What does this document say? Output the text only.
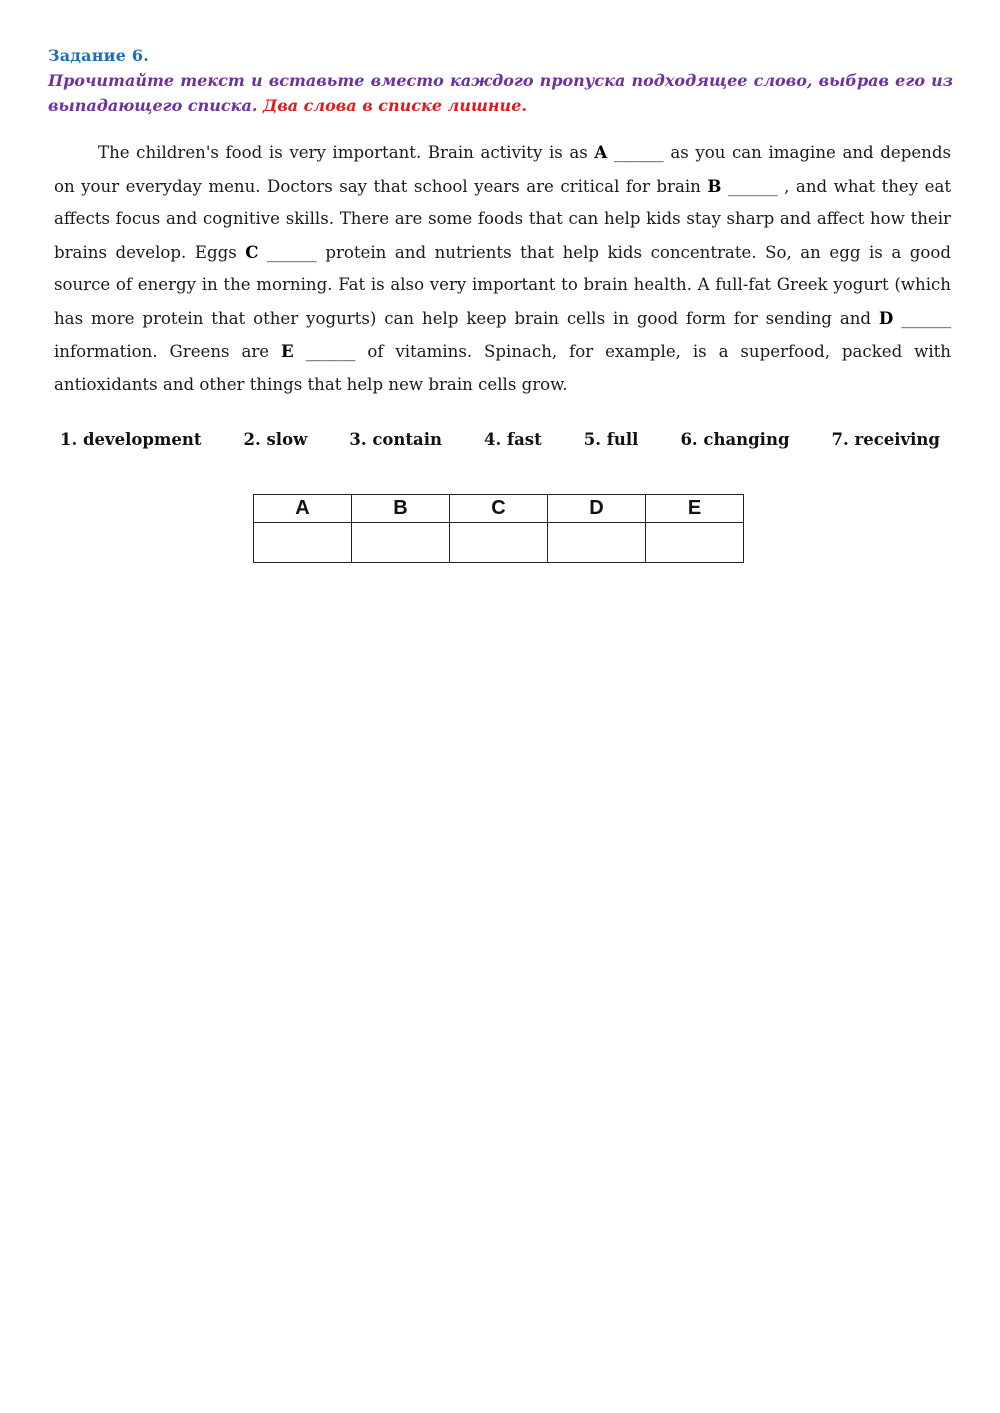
Задание 6.
Прочитайте текст и вставьте вместо каждого пропуска подходящее слово, выбрав его из выпадающего списка. Два слова в списке лишние.
The children's food is very important. Brain activity is as A ______ as you can imagine and depends on your everyday menu. Doctors say that school years are critical for brain B ______ , and what they eat affects focus and cognitive skills. There are some foods that can help kids stay sharp and affect how their brains develop. Eggs C ______ protein and nutrients that help kids concentrate. So, an egg is a good source of energy in the morning. Fat is also very important to brain health. A full-fat Greek yogurt (which has more protein that other yogurts) can help keep brain cells in good form for sending and D ______ information. Greens are E ______ of vitamins. Spinach, for example, is a superfood, packed with antioxidants and other things that help new brain cells grow.
1. development	2. slow	3. contain	4. fast	5. full	6. changing	7. receiving
A	B	C	D	E
